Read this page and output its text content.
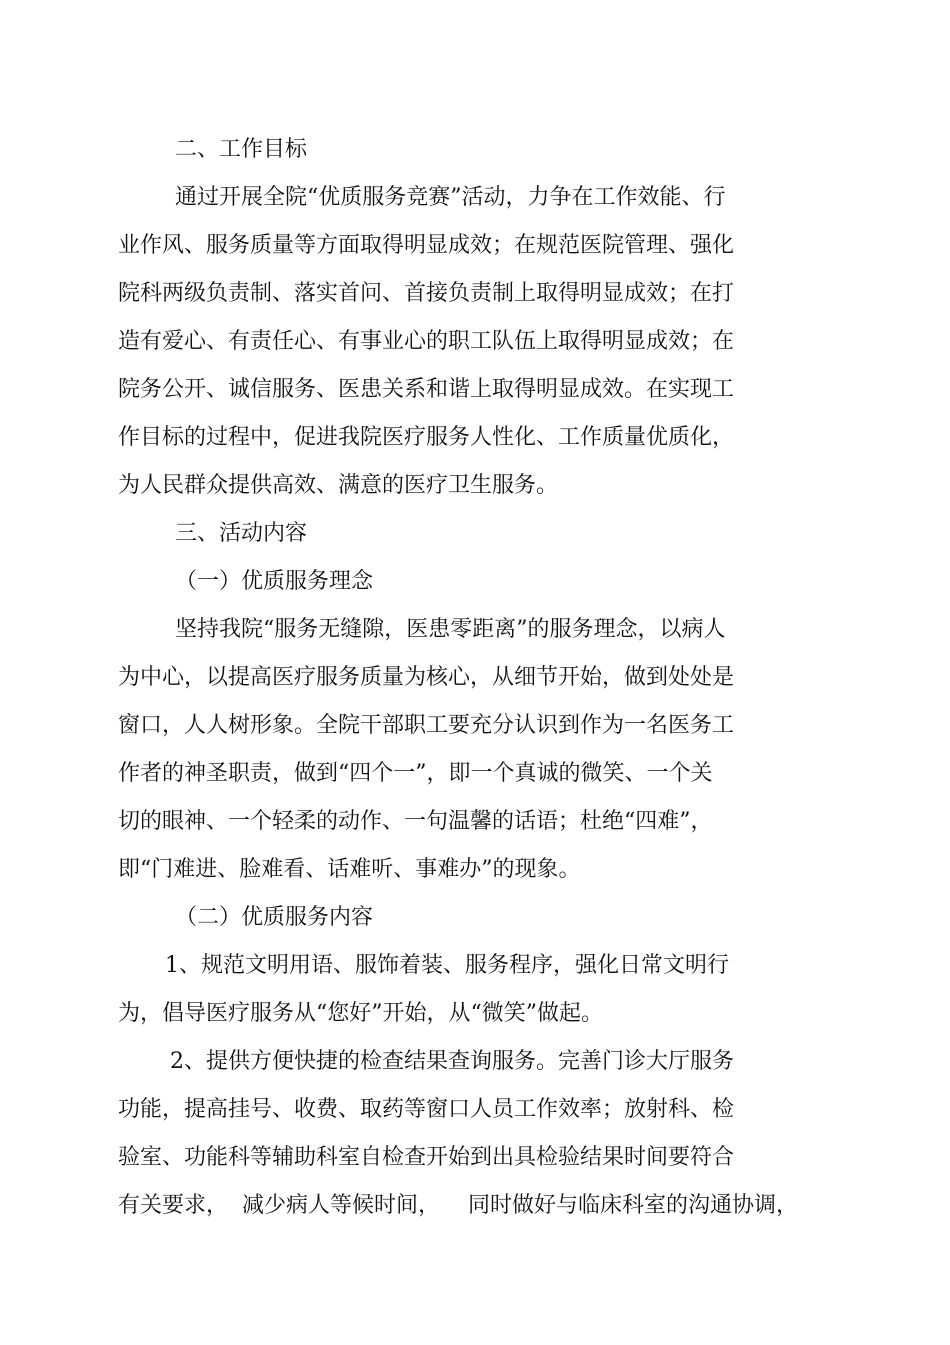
二、工作目标
通过开展全院“优质服务竞赛”活动，力争在工作效能、行
业作风、服务质量等方面取得明显成效；在规范医院管理、强化
院科两级负责制、落实首问、首接负责制上取得明显成效；在打
造有爱心、有责任心、有事业心的职工队伍上取得明显成效；在
院务公开、诚信服务、医患关系和谐上取得明显成效。在实现工
作目标的过程中，促进我院医疗服务人性化、工作质量优质化，
为人民群众提供高效、满意的医疗卫生服务。
三、活动内容
（一）优质服务理念
坚持我院“服务无缝隙，医患零距离”的服务理念，以病人
为中心，以提高医疗服务质量为核心，从细节开始，做到处处是
窗口，人人树形象。全院干部职工要充分认识到作为一名医务工
作者的神圣职责，做到“四个一”，即一个真诚的微笑、一个关
切的眼神、一个轻柔的动作、一句温馨的话语；杜绝“四难”，
即“门难进、脸难看、话难听、事难办”的现象。
（二）优质服务内容
1、规范文明用语、服饰着装、服务程序，强化日常文明行
为，倡导医疗服务从“您好”开始，从“微笑”做起。
2、提供方便快捷的检查结果查询服务。完善门诊大厅服务
功能，提高挂号、收费、取药等窗口人员工作效率；放射科、检
验室、功能科等辅助科室自检查开始到出具检验结果时间要符合
有关要求，  减少病人等候时间，    同时做好与临床科室的沟通协调，
